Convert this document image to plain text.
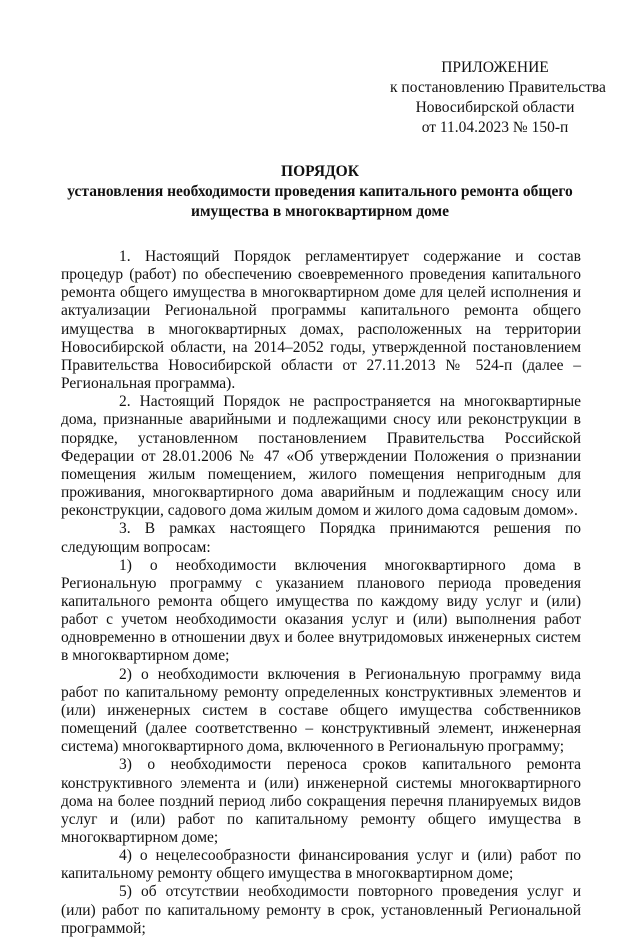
ПРИЛОЖЕНИЕ
к постановлению Правительства
Новосибирской области
от 11.04.2023 № 150-п
ПОРЯДОК
установления необходимости проведения капитального ремонта общего
имущества в многоквартирном доме

1. Настоящий Порядок регламентирует содержание и состав процедур (работ) по обеспечению своевременного проведения капитального ремонта общего имущества в многоквартирном доме для целей исполнения и актуализации Региональной программы капитального ремонта общего имущества в многоквартирных домах, расположенных на территории Новосибирской области, на 2014–2052 годы, утвержденной постановлением Правительства Новосибирской области от 27.11.2013 № 524-п (далее – Региональная программа).

2. Настоящий Порядок не распространяется на многоквартирные дома, признанные аварийными и подлежащими сносу или реконструкции в порядке, установленном постановлением Правительства Российской Федерации от 28.01.2006 № 47 «Об утверждении Положения о признании помещения жилым помещением, жилого помещения непригодным для проживания, многоквартирного дома аварийным и подлежащим сносу или реконструкции, садового дома жилым домом и жилого дома садовым домом».

3. В рамках настоящего Порядка принимаются решения по следующим вопросам:

1) о необходимости включения многоквартирного дома в Региональную программу с указанием планового периода проведения капитального ремонта общего имущества по каждому виду услуг и (или) работ с учетом необходимости оказания услуг и (или) выполнения работ одновременно в отношении двух и более внутридомовых инженерных систем в многоквартирном доме;

2) о необходимости включения в Региональную программу вида работ по капитальному ремонту определенных конструктивных элементов и (или) инженерных систем в составе общего имущества собственников помещений (далее соответственно – конструктивный элемент, инженерная система) многоквартирного дома, включенного в Региональную программу;

3) о необходимости переноса сроков капитального ремонта конструктивного элемента и (или) инженерной системы многоквартирного дома на более поздний период либо сокращения перечня планируемых видов услуг и (или) работ по капитальному ремонту общего имущества в многоквартирном доме;

4) о нецелесообразности финансирования услуг и (или) работ по капитальному ремонту общего имущества в многоквартирном доме;

5) об отсутствии необходимости повторного проведения услуг и (или) работ по капитальному ремонту в срок, установленный Региональной программой;
